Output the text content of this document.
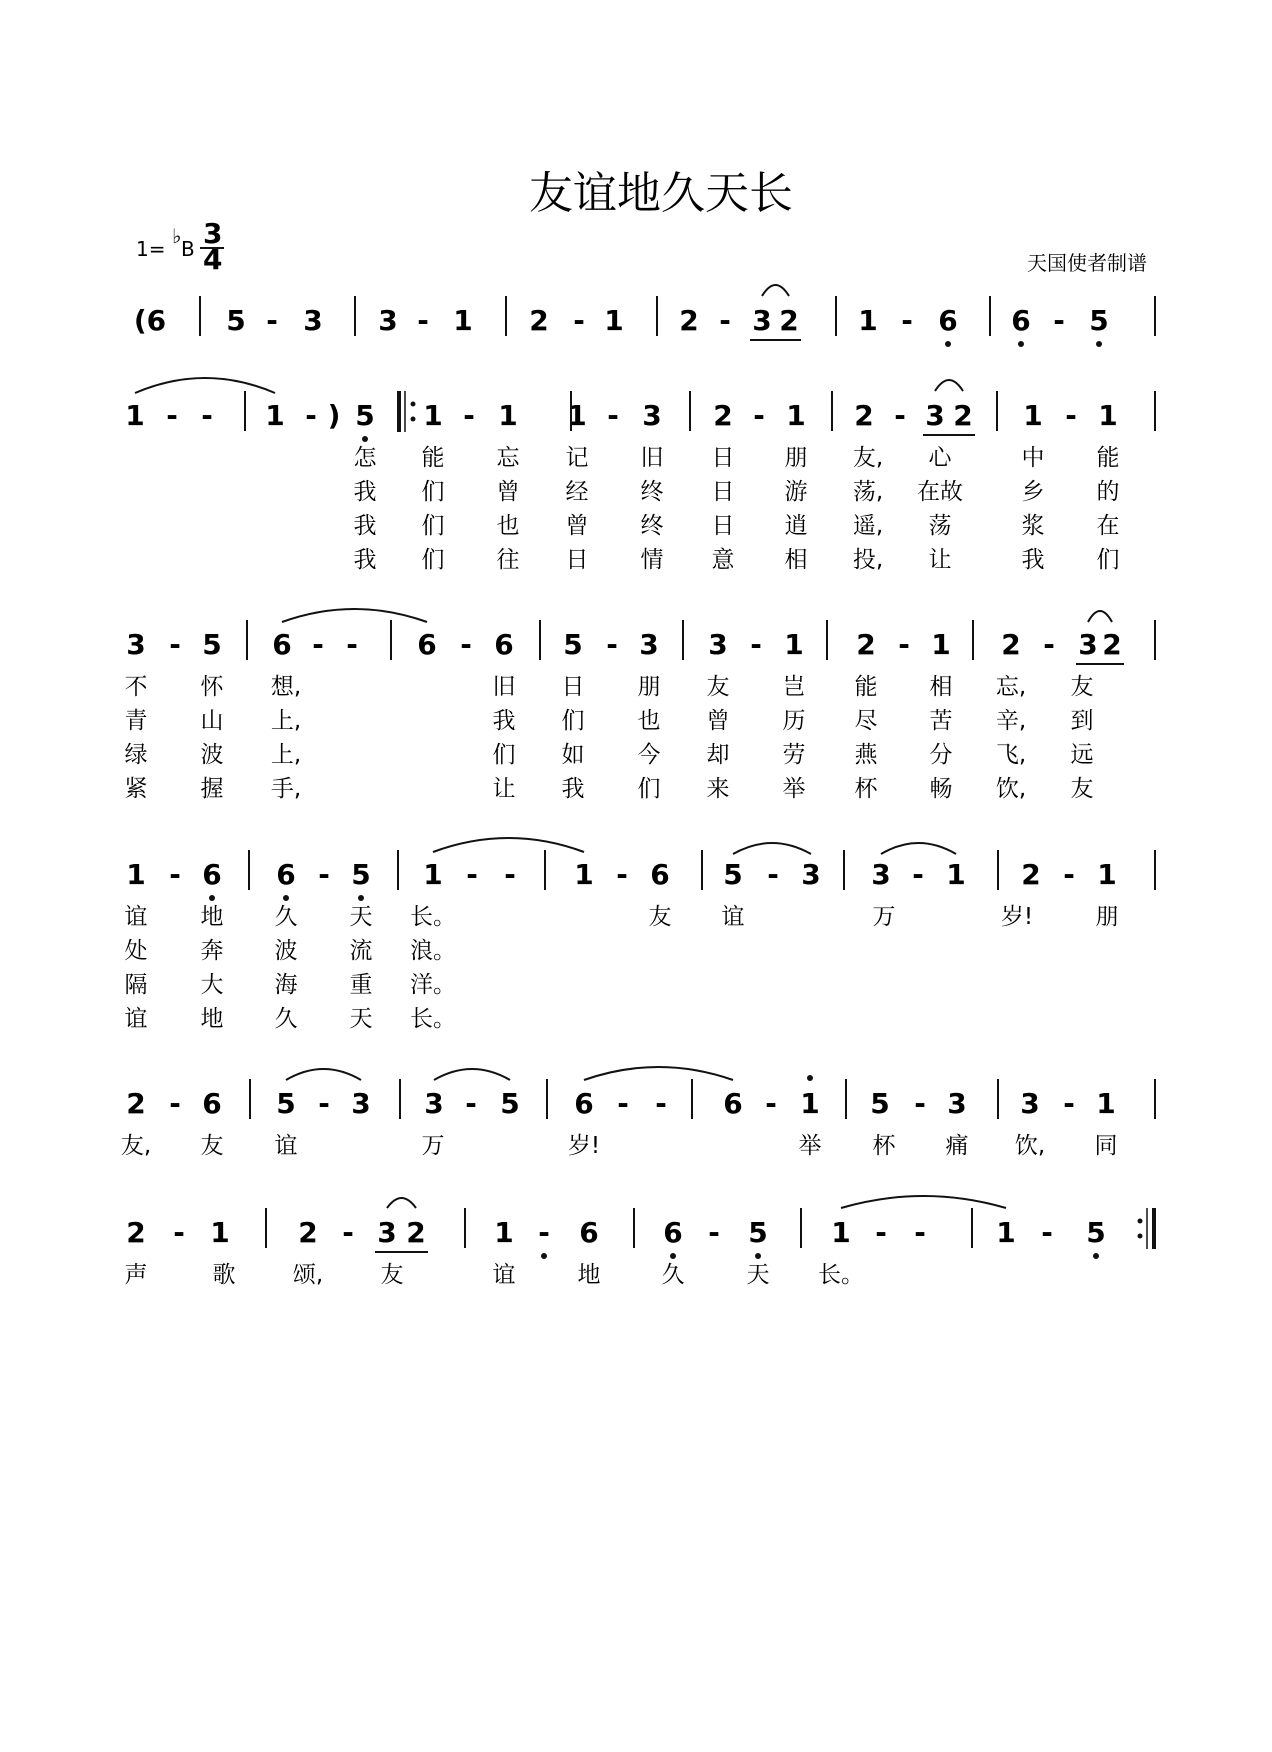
友谊地久天长
1=
♭
B 3
4	天国使者制谱
(6 5 - 3 3 - 1 2 - 1 2 - 3 2 1 - 6 6 - 5
1 - - 1 - ) 5 1 - 1 1 - 3 2 - 1 2 - 3 2 1 - 1
3 - 5 6 - - 6 - 6 5 - 3 3 - 1 2 - 1 2 - 3 2
1 - 6 6 - 5 1 - - 1 - 6 5 - 3 3 - 1 2 - 1
2 - 6 5 - 3 3 - 5 6 - - 6 - 1 5 - 3 3 - 1
2 - 1 2 - 3 2 1 - 6 6 - 5 1 - -	1 - 5
怎 能 忘 记 旧 日 朋 友, 心	中 能
我 们 曾 经 终 日 游 荡, 在故	乡 的
我 们 也 曾 终 日 逍 遥, 荡	浆 在
我 们 往 日 情 意 相 投, 让	我 们
不 怀 想,	旧 日 朋 友 岂 能 相 忘, 友
青 山 上,	我 们 也 曾 历 尽 苦 辛, 到
绿 波 上,	们 如 今 却 劳 燕 分 飞, 远
紧 握 手,	让 我 们 来 举 杯 畅 饮, 友
谊 地 久 天 长。	友 谊	万	岁!	朋
处 奔 波 流 浪。
隔 大 海 重 洋。
谊 地 久 天 长。
友, 友 谊	万	岁!	举 杯 痛 饮, 同
声	歌 颂, 友	谊	地	久	天 长。
